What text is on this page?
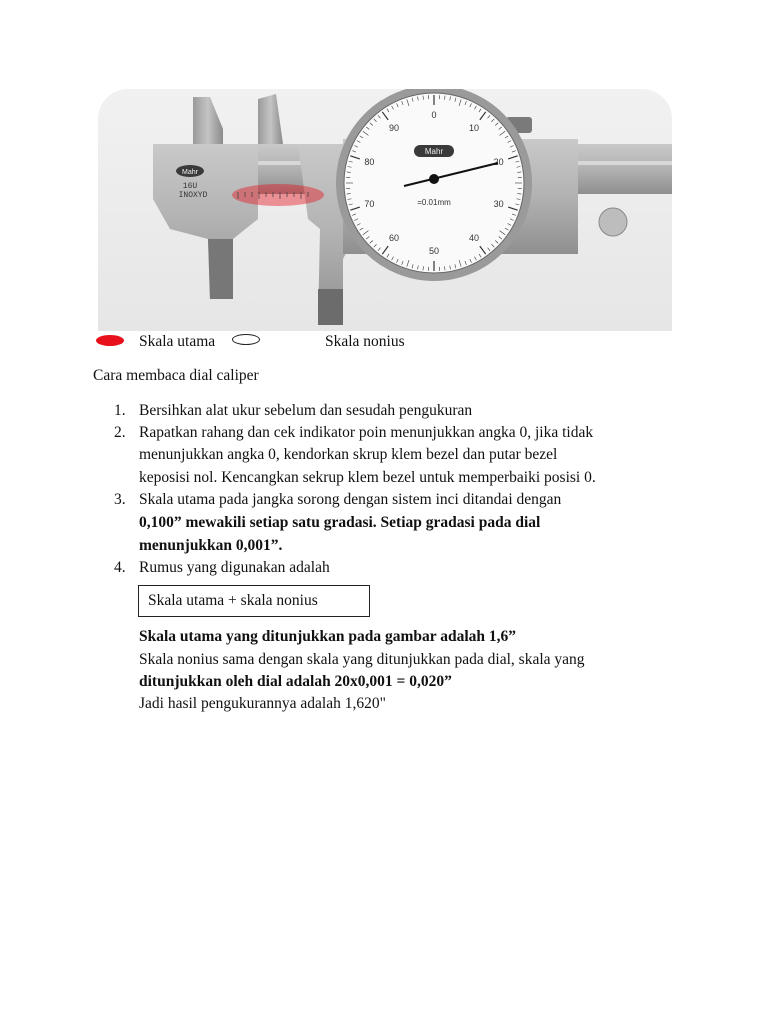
Mahr
16U
INOXYD
0
10
20
30
40
50
60
70
80
90
Mahr
=0.01mm
Skala utama	Skala nonius
Cara membaca dial caliper
1. Bersihkan alat ukur sebelum dan sesudah pengukuran
2. Rapatkan rahang dan cek indikator poin menunjukkan angka 0, jika tidak
menunjukkan angka 0, kendorkan skrup klem bezel dan putar bezel
keposisi nol. Kencangkan sekrup klem bezel untuk memperbaiki posisi 0.
3. Skala utama pada jangka sorong dengan sistem inci ditandai dengan
0,100” mewakili setiap satu gradasi. Setiap gradasi pada dial
menunjukkan 0,001”.
4. Rumus yang digunakan adalah
Skala utama + skala nonius
Skala utama yang ditunjukkan pada gambar adalah 1,6”
Skala nonius sama dengan skala yang ditunjukkan pada dial, skala yang
ditunjukkan oleh dial adalah 20x0,001 = 0,020”
Jadi hasil pengukurannya adalah 1,620"
